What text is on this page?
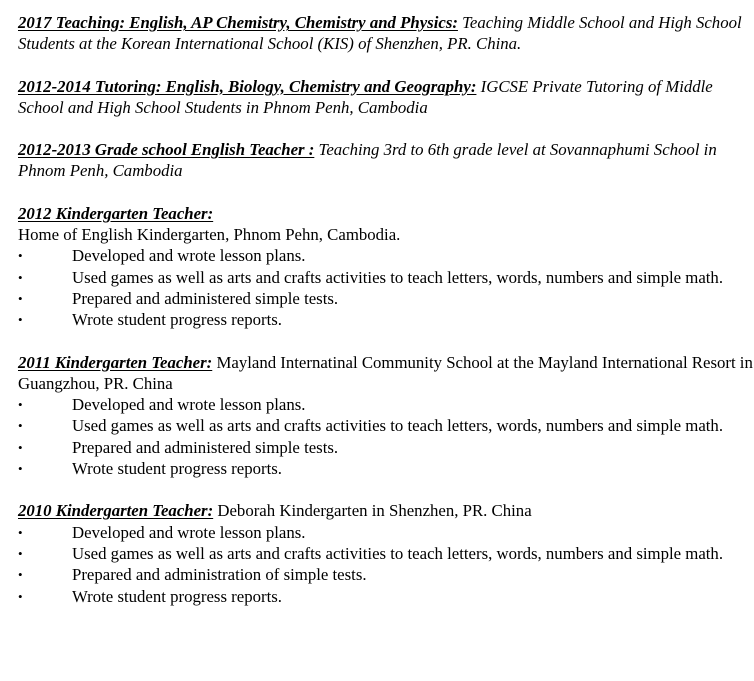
2017 Teaching: English, AP Chemistry, Chemistry and Physics: Teaching Middle School and High School Students at the Korean International School (KIS) of Shenzhen, PR. China.

2012-2014 Tutoring: English, Biology, Chemistry and Geography: IGCSE Private Tutoring of Middle School and High School Students in Phnom Penh, Cambodia

2012-2013 Grade school English Teacher : Teaching 3rd to 6th grade level at Sovannaphumi School in Phnom Penh, Cambodia

2012 Kindergarten Teacher:
Home of English Kindergarten, Phnom Pehn, Cambodia.
•	Developed and wrote lesson plans.
•	Used games as well as arts and crafts activities to teach letters, words, numbers and simple math.
•	Prepared and administered simple tests.
•	Wrote student progress reports.
2011 Kindergarten Teacher: Mayland Internatinal Community School at the Mayland International Resort in Guangzhou, PR. China
•	Developed and wrote lesson plans.
•	Used games as well as arts and crafts activities to teach letters, words, numbers and simple math.
•	Prepared and administered simple tests.
•	Wrote student progress reports.
2010 Kindergarten Teacher: Deborah Kindergarten in Shenzhen, PR. China
•	Developed and wrote lesson plans.
•	Used games as well as arts and crafts activities to teach letters, words, numbers and simple math.
•	Prepared and administration of simple tests.
•	Wrote student progress reports.
